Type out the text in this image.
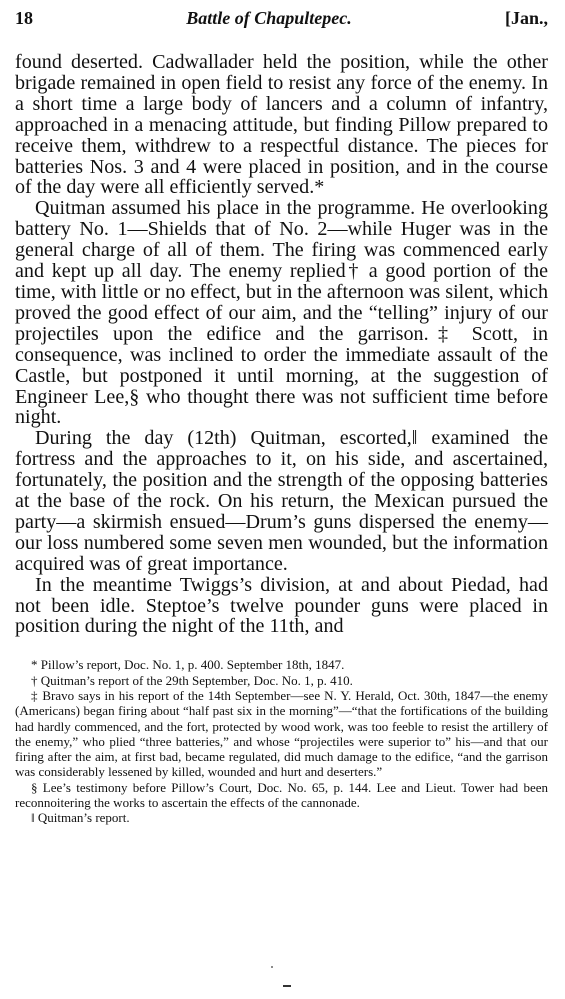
18	Battle of Chapultepec.	[Jan.,

found deserted. Cadwallader held the position, while the other brigade remained in open field to resist any force of the enemy. In a short time a large body of lancers and a column of infantry, approached in a menacing attitude, but finding Pillow prepared to receive them, withdrew to a respectful distance. The pieces for batteries Nos. 3 and 4 were placed in position, and in the course of the day were all efficiently served.*

Quitman assumed his place in the programme. He overlooking battery No. 1—Shields that of No. 2—while Huger was in the general charge of all of them. The firing was commenced early and kept up all day. The enemy replied† a good portion of the time, with little or no effect, but in the afternoon was silent, which proved the good effect of our aim, and the “telling” injury of our projectiles upon the edifice and the garrison.‡ Scott, in consequence, was inclined to order the immediate assault of the Castle, but postponed it until morning, at the suggestion of Engineer Lee,§ who thought there was not sufficient time before night.

During the day (12th) Quitman, escorted,‖ examined the fortress and the approaches to it, on his side, and ascertained, fortunately, the position and the strength of the opposing batteries at the base of the rock. On his return, the Mexican pursued the party—a skirmish ensued—Drum’s guns dispersed the enemy—our loss numbered some seven men wounded, but the information acquired was of great importance.

In the meantime Twiggs’s division, at and about Piedad, had not been idle. Steptoe’s twelve pounder guns were placed in position during the night of the 11th, and

* Pillow’s report, Doc. No. 1, p. 400. September 18th, 1847.

† Quitman’s report of the 29th September, Doc. No. 1, p. 410.

‡ Bravo says in his report of the 14th September—see N. Y. Herald, Oct. 30th, 1847—the enemy (Americans) began firing about “half past six in the morning”—“that the fortifications of the building had hardly commenced, and the fort, protected by wood work, was too feeble to resist the artillery of the enemy,” who plied “three batteries,” and whose “projectiles were superior to” his—and that our firing after the aim, at first bad, became regulated, did much damage to the edifice, “and the garrison was considerably lessened by killed, wounded and hurt and deserters.”

§ Lee’s testimony before Pillow’s Court, Doc. No. 65, p. 144. Lee and Lieut. Tower had been reconnoitering the works to ascertain the effects of the cannonade.

‖ Quitman’s report.
